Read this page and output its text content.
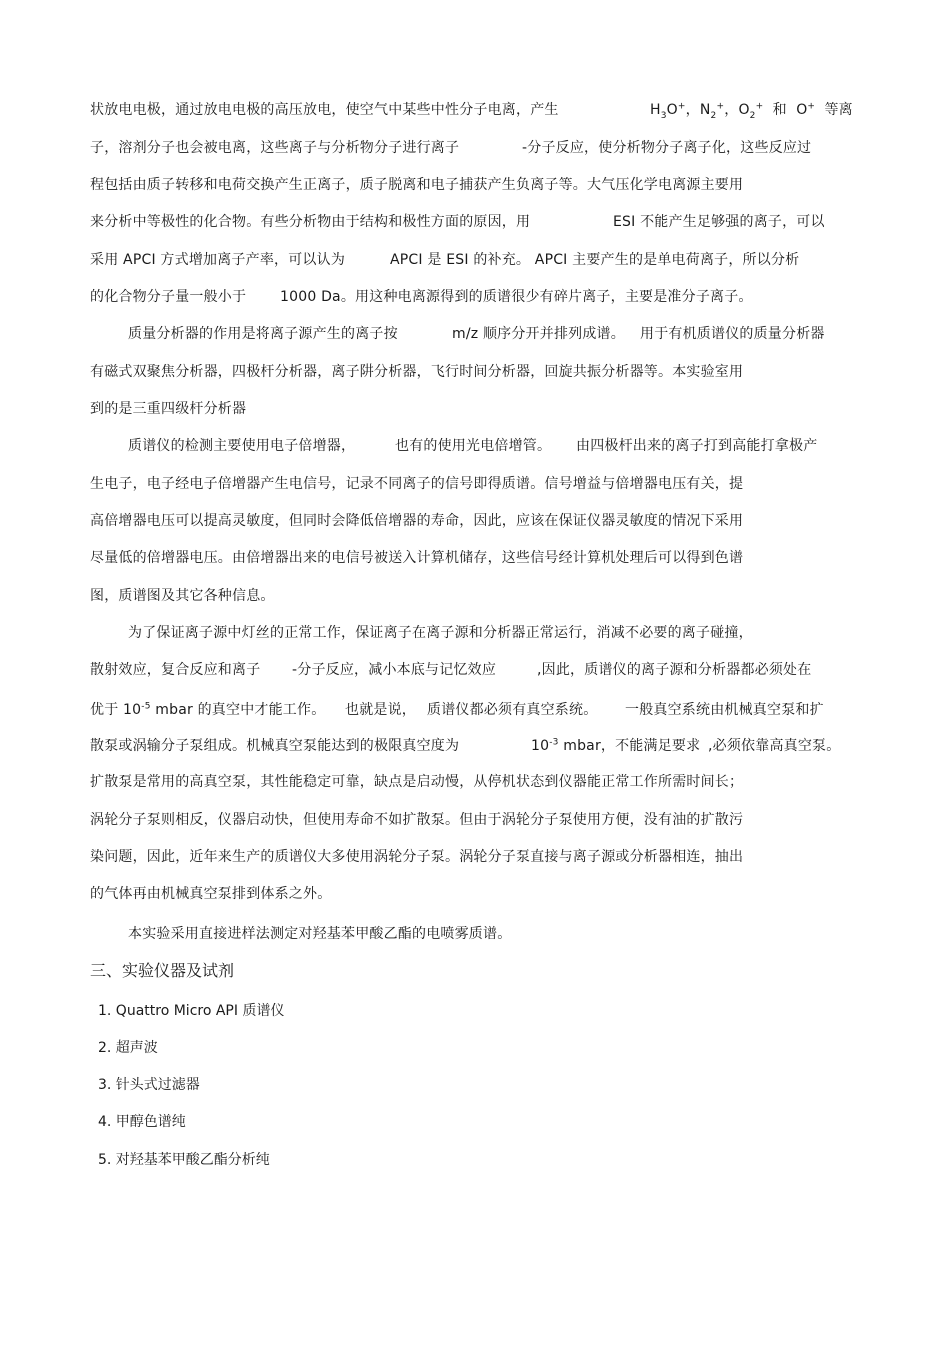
状放电电极，通过放电电极的高压放电，使空气中某些中性分子电离，产生	$H_3O^+$，$N_2^+$，$O_2^+$ 和 O+ 等离
子，溶剂分子也会被电离，这些离子与分析物分子进行离子	-分子反应，使分析物分子离子化，这些反应过
程包括由质子转移和电荷交换产生正离子，质子脱离和电子捕获产生负离子等。大气压化学电离源主要用
来分析中等极性的化合物。有些分析物由于结构和极性方面的原因，用	ESI 不能产生足够强的离子，可以
采用 APCI 方式增加离子产率，可以认为	APCI 是 ESI 的补充。 APCI 主要产生的是单电荷离子，所以分析
的化合物分子量一般小于 1000 Da。用这种电离源得到的质谱很少有碎片离子，主要是准分子离子。
质量分析器的作用是将离子源产生的离子按	m/z 顺序分开并排列成谱。 用于有机质谱仪的质量分析器
有磁式双聚焦分析器，四极杆分析器，离子阱分析器，飞行时间分析器，回旋共振分析器等。本实验室用
到的是三重四级杆分析器
质谱仪的检测主要使用电子倍增器，	也有的使用光电倍增管。 由四极杆出来的离子打到高能打拿极产
生电子，电子经电子倍增器产生电信号，记录不同离子的信号即得质谱。信号增益与倍增器电压有关，提
高倍增器电压可以提高灵敏度，但同时会降低倍增器的寿命，因此，应该在保证仪器灵敏度的情况下采用
尽量低的倍增器电压。由倍增器出来的电信号被送入计算机储存，这些信号经计算机处理后可以得到色谱
图，质谱图及其它各种信息。
为了保证离子源中灯丝的正常工作，保证离子在离子源和分析器正常运行，消减不必要的离子碰撞，
散射效应，复合反应和离子 -分子反应，减小本底与记忆效应	,因此，质谱仪的离子源和分析器都必须处在
优于 $10^{-5}$ mbar 的真空中才能工作。 也就是说， 质谱仪都必须有真空系统。 一般真空系统由机械真空泵和扩
散泵或涡输分子泵组成。机械真空泵能达到的极限真空度为	$10^{-3}$ mbar，不能满足要求 ,必须依靠高真空泵。
扩散泵是常用的高真空泵，其性能稳定可靠，缺点是启动慢，从停机状态到仪器能正常工作所需时间长；
涡轮分子泵则相反，仪器启动快，但使用寿命不如扩散泵。但由于涡轮分子泵使用方便，没有油的扩散污
染问题，因此，近年来生产的质谱仪大多使用涡轮分子泵。涡轮分子泵直接与离子源或分析器相连，抽出
的气体再由机械真空泵排到体系之外。
本实验采用直接进样法测定对羟基苯甲酸乙酯的电喷雾质谱。
三、实验仪器及试剂
1. Quattro Micro API 质谱仪
2. 超声波
3. 针头式过滤器
4. 甲醇色谱纯
5. 对羟基苯甲酸乙酯分析纯
